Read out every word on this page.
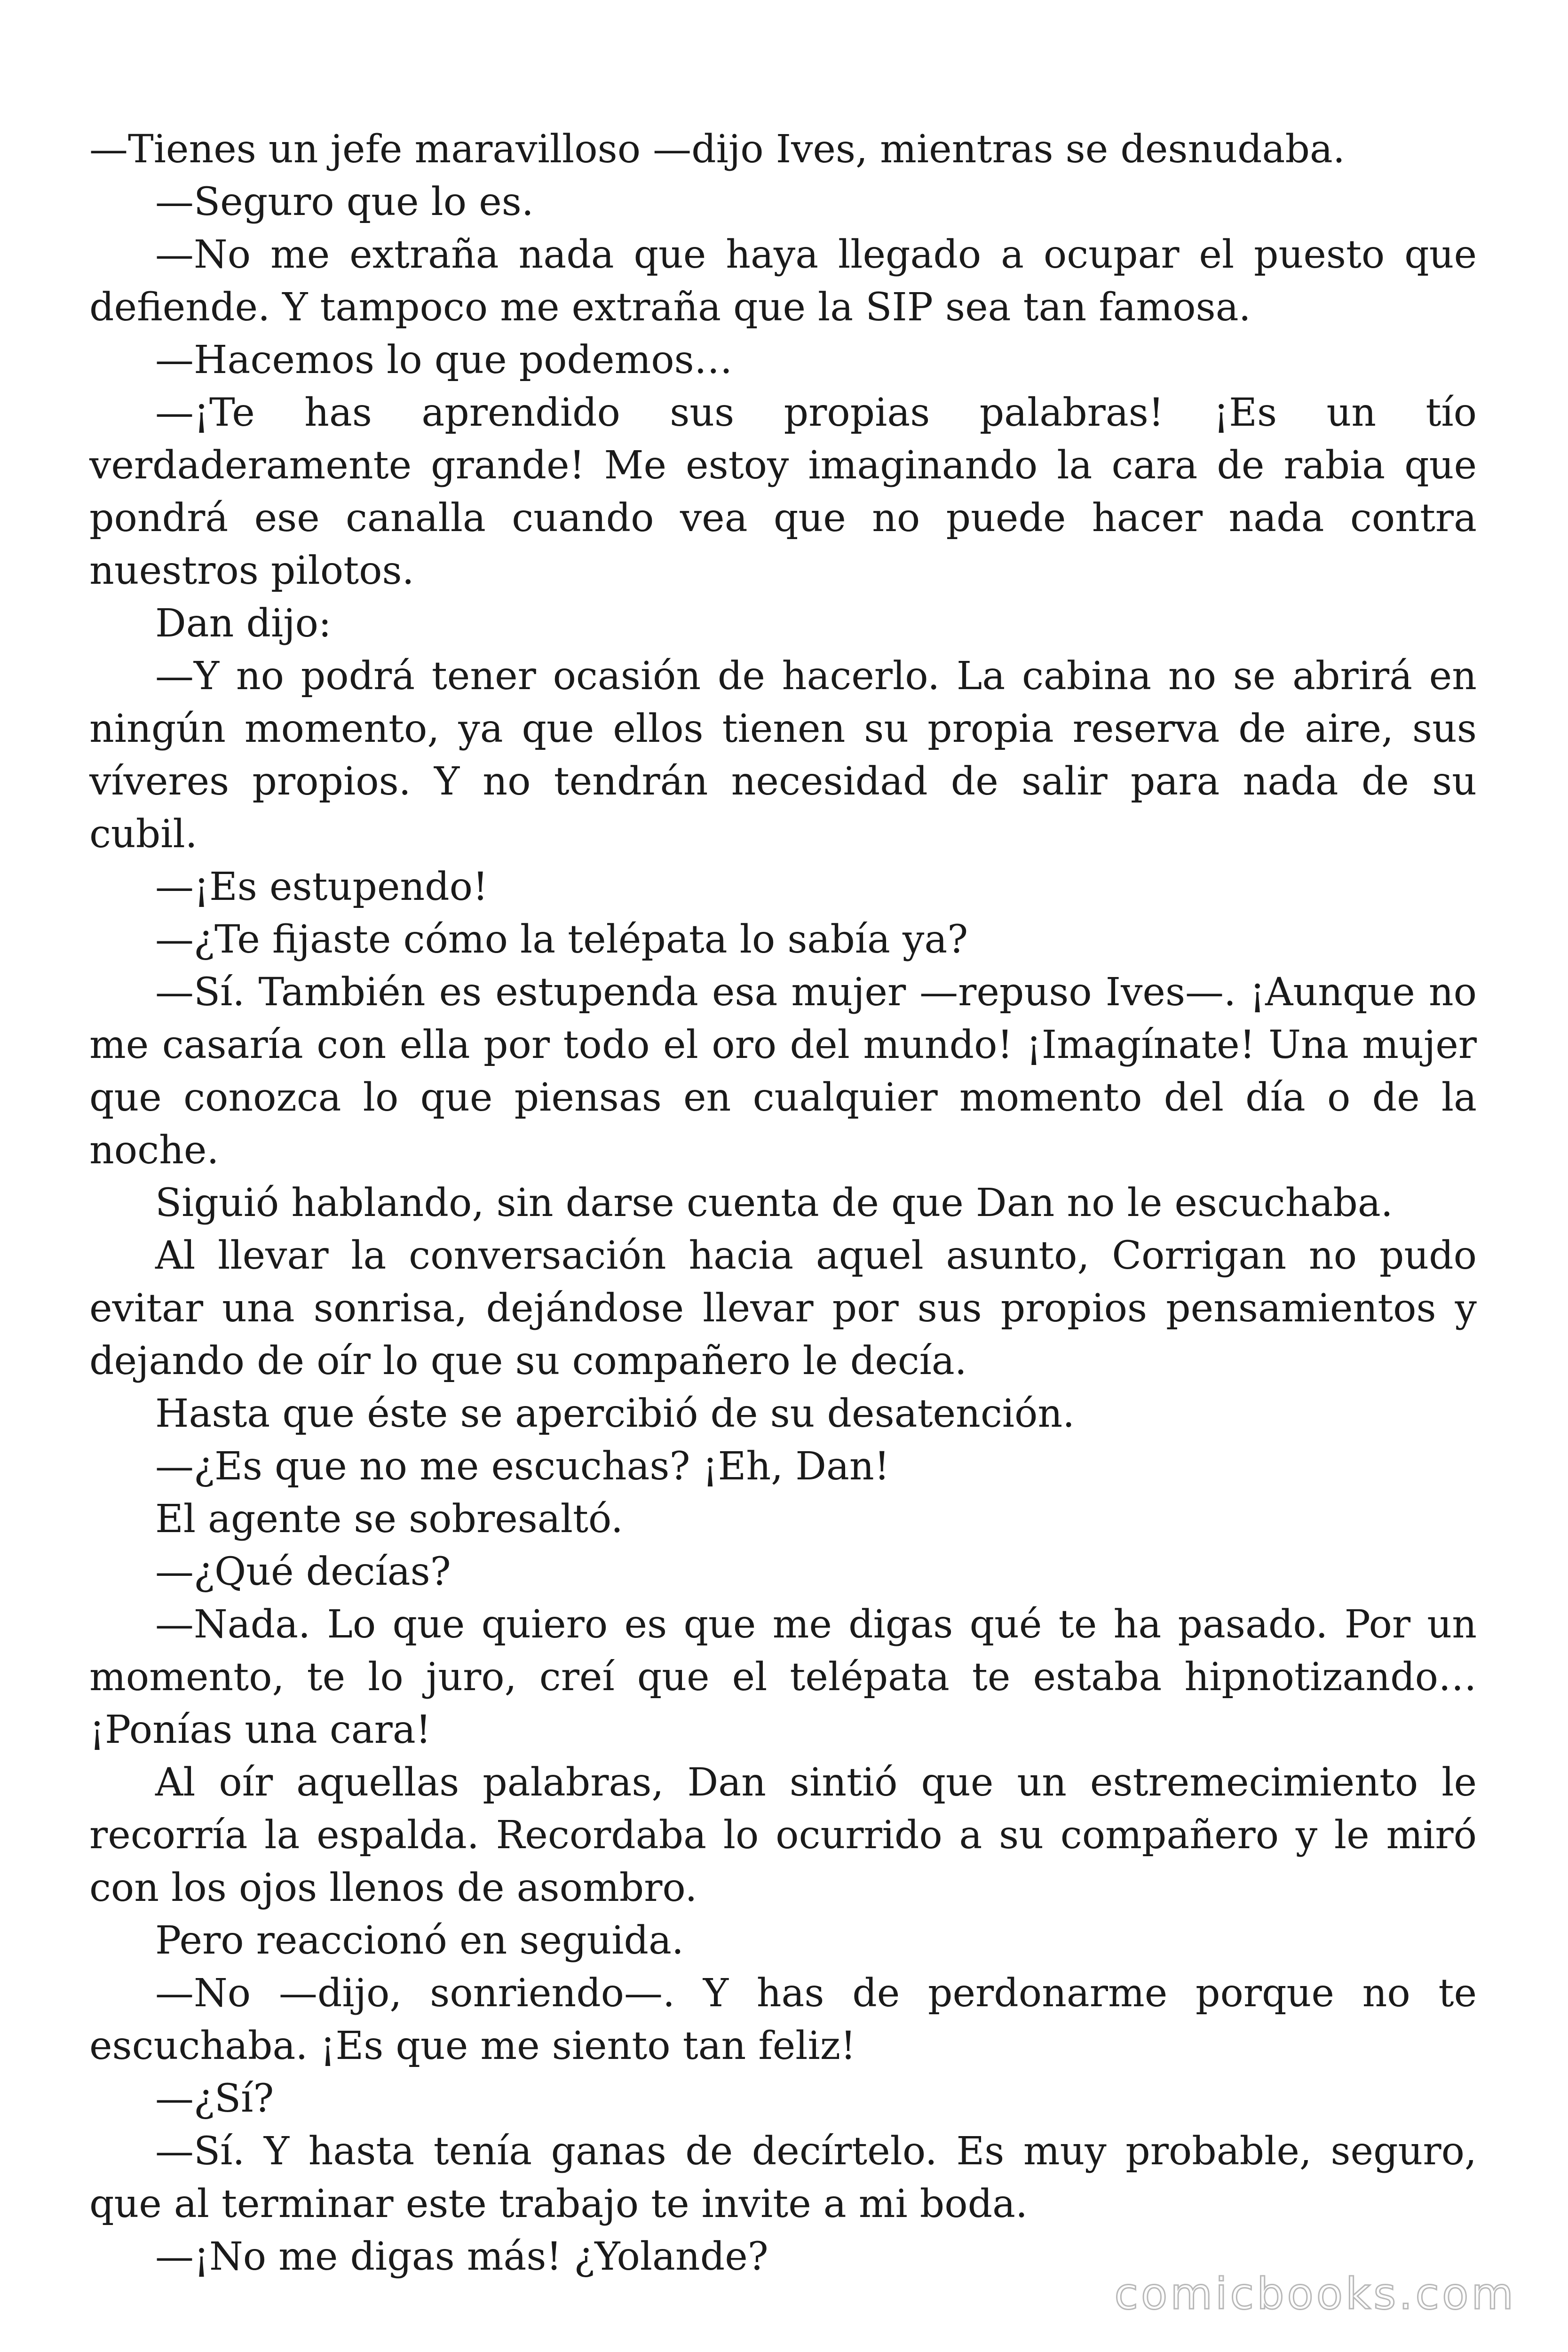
—Tienes un jefe maravilloso —dijo Ives, mientras se desnudaba.

—Seguro que lo es.

—No me extraña nada que haya llegado a ocupar el puesto que defiende. Y tampoco me extraña que la SIP sea tan famosa.

—Hacemos lo que podemos…

—¡Te has aprendido sus propias palabras! ¡Es un tío verdaderamente grande! Me estoy imaginando la cara de rabia que pondrá ese canalla cuando vea que no puede hacer nada contra nuestros pilotos.

Dan dijo:

—Y no podrá tener ocasión de hacerlo. La cabina no se abrirá en ningún momento, ya que ellos tienen su propia reserva de aire, sus víveres propios. Y no tendrán necesidad de salir para nada de su cubil.

—¡Es estupendo!

—¿Te fijaste cómo la telépata lo sabía ya?

—Sí. También es estupenda esa mujer —repuso Ives—. ¡Aunque no me casaría con ella por todo el oro del mundo! ¡Imagínate! Una mujer que conozca lo que piensas en cualquier momento del día o de la noche.

Siguió hablando, sin darse cuenta de que Dan no le escuchaba.

Al llevar la conversación hacia aquel asunto, Corrigan no pudo evitar una sonrisa, dejándose llevar por sus propios pensamientos y dejando de oír lo que su compañero le decía.

Hasta que éste se apercibió de su desatención.

—¿Es que no me escuchas? ¡Eh, Dan!

El agente se sobresaltó.

—¿Qué decías?

—Nada. Lo que quiero es que me digas qué te ha pasado. Por un momento, te lo juro, creí que el telépata te estaba hipnotizando… ¡Ponías una cara!

Al oír aquellas palabras, Dan sintió que un estremecimiento le recorría la espalda. Recordaba lo ocurrido a su compañero y le miró con los ojos llenos de asombro.

Pero reaccionó en seguida.

—No —dijo, sonriendo—. Y has de perdonarme porque no te escuchaba. ¡Es que me siento tan feliz!

—¿Sí?

—Sí. Y hasta tenía ganas de decírtelo. Es muy probable, seguro, que al terminar este trabajo te invite a mi boda.

—¡No me digas más! ¿Yolande?

comicbooks.com
